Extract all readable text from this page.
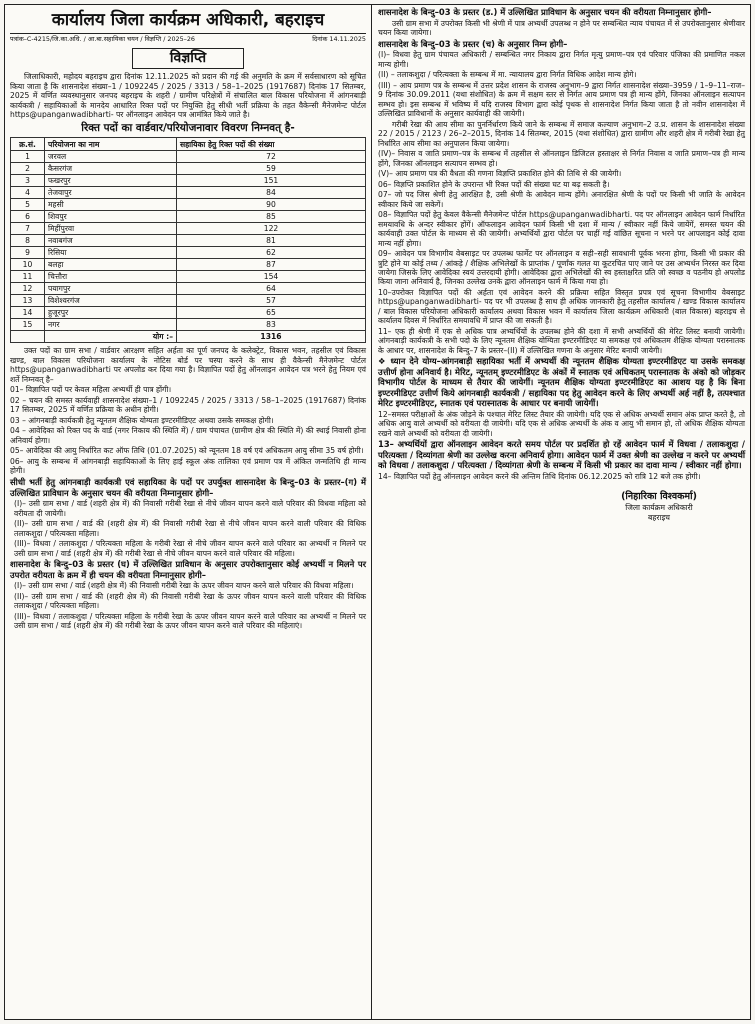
कार्यालय जिला कार्यक्रम अधिकारी, बहराइच
पत्रांक–C-4215/जि.का.अधि. / आ.बा.सहायिका चयन / विज्ञप्ति / 2025–26	दिनांक 14.11.2025
विज्ञप्ति

जिलाधिकारी, महोदय बहराइच द्वारा दिनांक 12.11.2025 को प्रदान की गई की अनुमति के क्रम में सर्वसाधारण को सूचित किया जाता है कि शासनादेश संख्या–1 / 1092245 / 2025 / 3313 / 58–1–2025 (1917687) दिनांक 17 सितम्बर, 2025 में वर्णित व्यवस्थानुसार जनपद बहराइच के शहरी / ग्रामीण परिक्षेत्रों में संचालित बाल विकास परियोजना में आंगनबाड़ी कार्यकत्री / सहायिकाओं के मानदेय आधारित रिक्त पदों पर नियुक्ति हेतु सीधी भर्ती प्रक्रिया के तहत वैकेन्सी मैनेजमेन्ट पोर्टल https@upanganwadibharti- पर ऑनलाइन आवेदन पत्र आमंत्रित किये जाते है।

रिक्त पदों का वार्डवार/परियोजनावार विवरण निम्नवत् है-
क्र.सं.	परियोजना का नाम	सहायिका हेतु रिक्त पदों की संख्या
1	जरवल	72
2	कैसरगंज	59
3	फखरपुर	151
4	तेजवापुर	84
5	महसी	90
6	शिवपुर	85
7	मिहींपुरवा	122
8	नवाबगंज	81
9	रिसिया	62
10	बलहा	87
11	चित्तौरा	154
12	पयागपुर	64
13	विशेश्वरगंज	57
14	हुजूरपुर	65
15	नगर	83
	योग :–	1316

उक्त पदों का ग्राम सभा / वार्डवार आरक्षण सहित अर्हता का पूर्ण जनपद के कलेक्ट्रेट, विकास भवन, तहसील एवं विकास खण्ड, बाल विकास परियोजना कार्यालय के नोटिस बोर्ड पर चस्पा करने के साथ ही वैकेन्सी मैनेजमेन्ट पोर्टल https@upanganwadibharti पर अपलोड कर दिया गया है। विज्ञापित पदों हेतु ऑनलाइन आवेदन पत्र भरने हेतु नियम एवं शर्ते निम्नवत् है–

01– विज्ञापित पदों पर केवल महिला अभ्यर्थी ही पात्र होंगी।

02 – चयन की समस्त कार्यवाही शासनादेश संख्या–1 / 1092245 / 2025 / 3313 / 58–1–2025 (1917687) दिनांक 17 सितम्बर, 2025 में वर्णित प्रक्रिया के अधीन होगी।

03 – आंगनबाड़ी कार्यकत्री हेतु न्यूनतम शैक्षिक योग्यता इण्टरमीडिएट अथवा उसके समकक्ष होगी।

04 – आवेदिका को रिक्त पद के वार्ड (नगर निकाय की स्थिति में) / ग्राम पंचायत (ग्रामीण क्षेत्र की स्थिति में) की स्थाई निवासी होना अनिवार्य होगा।

05– आवेदिका की आयु निर्धारित कट ऑफ तिथि (01.07.2025) को न्यूनतम 18 वर्ष एवं अधिकतम आयु सीमा 35 वर्ष होगी।

06– आयु के सम्बन्ध में आंगनबाड़ी सहायिकाओं के लिए हाई स्कूल अंक तालिका एवं प्रमाण पत्र में अंकित जन्मतिथि ही मान्य होगी।

सीधी भर्ती हेतु आंगनबाड़ी कार्यकत्री एवं सहायिका के पदों पर उपर्युक्त शासनादेश के बिन्दु–03 के प्रस्तर–(ग) में उल्लिखित प्राविधान के अनुसार चयन की वरीयता निम्नानुसार होगी–

(I)– उसी ग्राम सभा / वार्ड (शहरी क्षेत्र में) की निवासी गरीबी रेखा से नीचे जीवन यापन करने वाले परिवार की विधवा महिला को वरीयता दी जायेगी।

(II)– उसी ग्राम सभा / वार्ड की (शहरी क्षेत्र में) की निवासी गरीबी रेखा से नीचे जीवन यापन करने वाली परिवार की विधिक तलाकशुदा / परित्यक्ता महिला।

(III)– विधवा / तलाकशुदा / परित्यक्ता महिला के गरीबी रेखा से नीचे जीवन यापन करने वाले परिवार का अभ्यर्थी न मिलने पर उसी ग्राम सभा / वार्ड (शहरी क्षेत्र में) की गरीबी रेखा से नीचे जीवन यापन करने वाले परिवार की महिला।

शासनादेश के बिन्दु–03 के प्रस्तर (घ) में उल्लिखित प्राविधान के अनुसार उपरोक्तानुसार कोई अभ्यर्थी न मिलने पर उपरोत वरीयता के क्रम में ही चयन की वरीयता निम्नानुसार होगी–

(I)– उसी ग्राम सभा / वार्ड (शहरी क्षेत्र में) की निवासी गरीबी रेखा के ऊपर जीवन यापन करने वाले परिवार की विधवा महिला।

(II)– उसी ग्राम सभा / वार्ड की (शहरी क्षेत्र में) की निवासी गरीबी रेखा के ऊपर जीवन यापन करने वाली परिवार की विधिक तलाकशुदा / परित्यक्ता महिला।

(III)– विधवा / तलाकशुदा / परित्यक्ता महिला के गरीबी रेखा के ऊपर जीवन यापन करने वाले परिवार का अभ्यर्थी न मिलने पर उसी ग्राम सभा / वार्ड (शहरी क्षेत्र में) की गरीबी रेखा के ऊपर जीवन यापन करने वाले परिवार की महिलाएं।

शासनादेश के बिन्दु–03 के प्रस्तर (ड.) में उल्लिखित प्राविधान के अनुसार चयन की वरीयता निम्नानुसार होगी–

उसी ग्राम सभा में उपरोक्त किसी भी श्रेणी में पात्र अभ्यर्थी उपलब्ध न होने पर सम्बन्धित न्याय पंचायत में से उपरोक्तानुसार श्रेणीवार चयन किया जायेगा।

शासनादेश के बिन्दु–03 के प्रस्तर (च) के अनुसार निम्न होगी–

(I)– विधवा हेतु ग्राम पंचायत अधिकारी / सम्बन्धित नगर निकाय द्वारा निर्गत मृत्यु प्रमाण–पत्र एवं परिवार पंजिका की प्रमाणित नकल मान्य होगी।

(II) – तलाकशुदा / परित्यक्ता के सम्बन्ध में मा. न्यायालय द्वारा निर्गत विधिक आदेश मान्य होगे।

(III) – आय प्रमाण पत्र के सम्बन्ध में उत्तर प्रदेश शासन के राजस्व अनुभाग–9 द्वारा निर्गत शासनादेश संख्या–3959 / 1–9–11–राज–9 दिनांक 30.09.2011 (यथा संशोधित) के क्रम में सक्षम स्तर से निर्गत आय प्रमाण पत्र ही मान्य होंगे, जिनका ऑनलाइन सत्यापन सम्भव हो। इस सम्बन्ध में भविष्य में यदि राजस्व विभाग द्वारा कोई पृथक से शासनादेश निर्गत किया जाता है तो नवीन शासनादेश में उल्लिखित प्राविधानों के अनुसार कार्यवाही की जायेगी।

गरीबी रेखा की आय सीमा का पुनर्निर्धारण किये जाने के सम्बन्ध में समाज कल्याण अनुभाग–2 उ.प्र. शासन के शासनादेश संख्या 22 / 2015 / 2123 / 26–2–2015, दिनांक 14 सितम्बर, 2015 (यथा संशोधित) द्वारा ग्रामीण और शहरी क्षेत्र में गरीबी रेखा हेतु निर्धारित आय सीमा का अनुपालन किया जायेगा।

(IV)– निवास व जाति प्रमाण–पत्र के सम्बन्ध में तहसील से ऑनलाइन डिजिटल हस्ताक्षर से निर्गत निवास व जाति प्रमाण–पत्र ही मान्य होंगे, जिनका ऑनलाइन सत्यापन सम्भव हो।

(V)– आय प्रमाण पत्र की वैधता की गणना विज्ञप्ति प्रकाशित होने की तिथि से की जायेगी।

06– विज्ञप्ति प्रकाशित होने के उपरान्त भी रिक्त पदों की संख्या घट या बढ़ सकती है।

07– जो पद जिस श्रेणी हेतु आरक्षित है, उसी श्रेणी के आवेदन मान्य होंगे। अनारक्षित श्रेणी के पदों पर किसी भी जाति के आवेदन स्वीकार किये जा सकेगें।

08– विज्ञापित पदों हेतु केवल वैकेन्सी मैनेजमेन्ट पोर्टल https@upanganwadibharti. पद पर ऑनलाइन आवेदन फार्म निर्धारित समयावधि के अन्दर स्वीकार होंगें। ऑफलाइन आवेदन फार्म किसी भी दशा में मान्य / स्वीकार नहीं किये जायेंगें, समस्त चयन की कार्यवाही उक्त पोर्टल के माध्यम से की जायेगी। अभ्यर्थियों द्वारा पोर्टल पर चाहीं गई वांछित सूचना न भरने पर आपलाइन कोई दावा मान्य नहीं होगा।

09– आवेदन पत्र विभागीय वेबसाइट पर उपलब्ध फार्मेट पर ऑनलाइन व सही–सही सावधानी पूर्वक भरना होगा, किसी भी प्रकार की त्रुटि होने या कोई तथ्य / आंकड़े / शैक्षिक अभिलेखों के प्राप्तांक / पूर्णांक गलत या कूटरचित पाए जाने पर उस अभ्यर्थन निरस्त कर दिया जायेगा जिसके लिए आवेदिका स्वयं उत्तरदायी होगी। आवेदिका द्वारा अभिलेखों की स्व हस्ताक्षरित प्रति जो स्वच्छ व पठनीय हो अपलोड किया जाना अनिवार्य है, जिनका उल्लेख उनके द्वारा ऑनलाइन फार्म में किया गया हो।

10–उपरोक्त विज्ञापित पदों की अर्हता एवं आवेदन करने की प्रक्रिया सहित विस्तृत प्रपत्र एवं सूचना विभागीय वेबसाइट https@upanganwadibharti- पद पर भी उपलब्ध है साथ ही अधिक जानकारी हेतु तहसील कार्यालय / खण्ड विकास कार्यालय / बाल विकास परियोजना अधिकारी कार्यालय अथवा विकास भवन में कार्यालय जिला कार्यक्रम अधिकारी (बाल विकास) बहराइच से कार्यालय दिवस में निर्धारित समयावधि में प्राप्त की जा सकती है।

11– एक ही श्रेणी में एक से अधिक पात्र अभ्यर्थियों के उपलब्ध होने की दशा में सभी अभ्यर्थियों की मेरिट लिस्ट बनायी जायेगी। आंगनबाड़ी कार्यकत्री के सभी पदो के लिए न्यूनतम शैक्षिक योग्यिता इण्टरमीडिएट या समकक्ष एवं अधिकतम शैक्षिक योग्यता परास्नातक के आधार पर, शासनादेश के बिन्दु–7 के प्रस्तर–(II) में उल्लिखित गणना के अनुसार मेरिट बनायी जायेगी।

❖ ध्यान देने योग्य–आंगनबाड़ी सहायिका भर्ती में अभ्यर्थी की न्यूनतम शैक्षिक योग्यता इण्टरमीडिएट या उसके समकक्ष उत्तीर्ण होना अनिवार्य है। मेरिट, न्यूनतम् इण्टरमीडिएट के अंकों में स्नातक एवं अधिकतम् परास्नातक के अंको को जोड़कर विभागीय पोर्टल के माध्यम से तैयार की जायेगीं। न्यूनतम शैक्षिक योग्यता इण्टरमीडिएट का आशय यह है कि बिना इण्टरमीडिएट उत्तीर्ण किये आंगनबाड़ी कार्यकत्री / सहायिका पद हेतु आवेदन करने के लिए अभ्यर्थी अर्ह नहीं है, तत्पश्चात मेरिट इण्टरमीडिएट, स्नातक एवं परास्नातक के आधार पर बनायी जायेगीं।

12–समस्त परीक्षाओं के अंक जोड़ने के पश्चात मेरिट लिस्ट तैयार की जायेगी। यदि एक से अधिक अभ्यर्थी समान अंक प्राप्त करते है, तो अधिक आयु वाले अभ्यर्थी को वरीयता दी जायेगी। यदि एक से अधिक अभ्यर्थी के अंक व आयु भी समान हो, तो अधिक शैक्षिक योग्यता रखने वाले अभ्यर्थी को वरीयता दी जायेगी।

13– अभ्यर्थियों द्वारा ऑनलाइन आवेदन करते समय पोर्टल पर प्रदर्शित हो रहें आवेदन फार्म में विधवा / तलाकशुदा / परित्यक्ता / दिव्यांगता श्रेणी का उल्लेख करना अनिवार्य होगा। आवेदन फार्म में उक्त श्रेणी का उल्लेख न करने पर अभ्यर्थी को विधवा / तलाकशुदा / परित्यक्ता / दिव्यांगता श्रेणी के सम्बन्ध में किसी भी प्रकार का दावा मान्य / स्वीकार नहीं होगा।

14– विज्ञापित पदों हेतु ऑनलाइन आवेदन करने की अन्तिम तिथि दिनांक 06.12.2025 को रात्रि 12 बजे तक होगी।

(निहारिका विश्वकर्मा)
जिला कार्यक्रम अधिकारी
बहराइच
